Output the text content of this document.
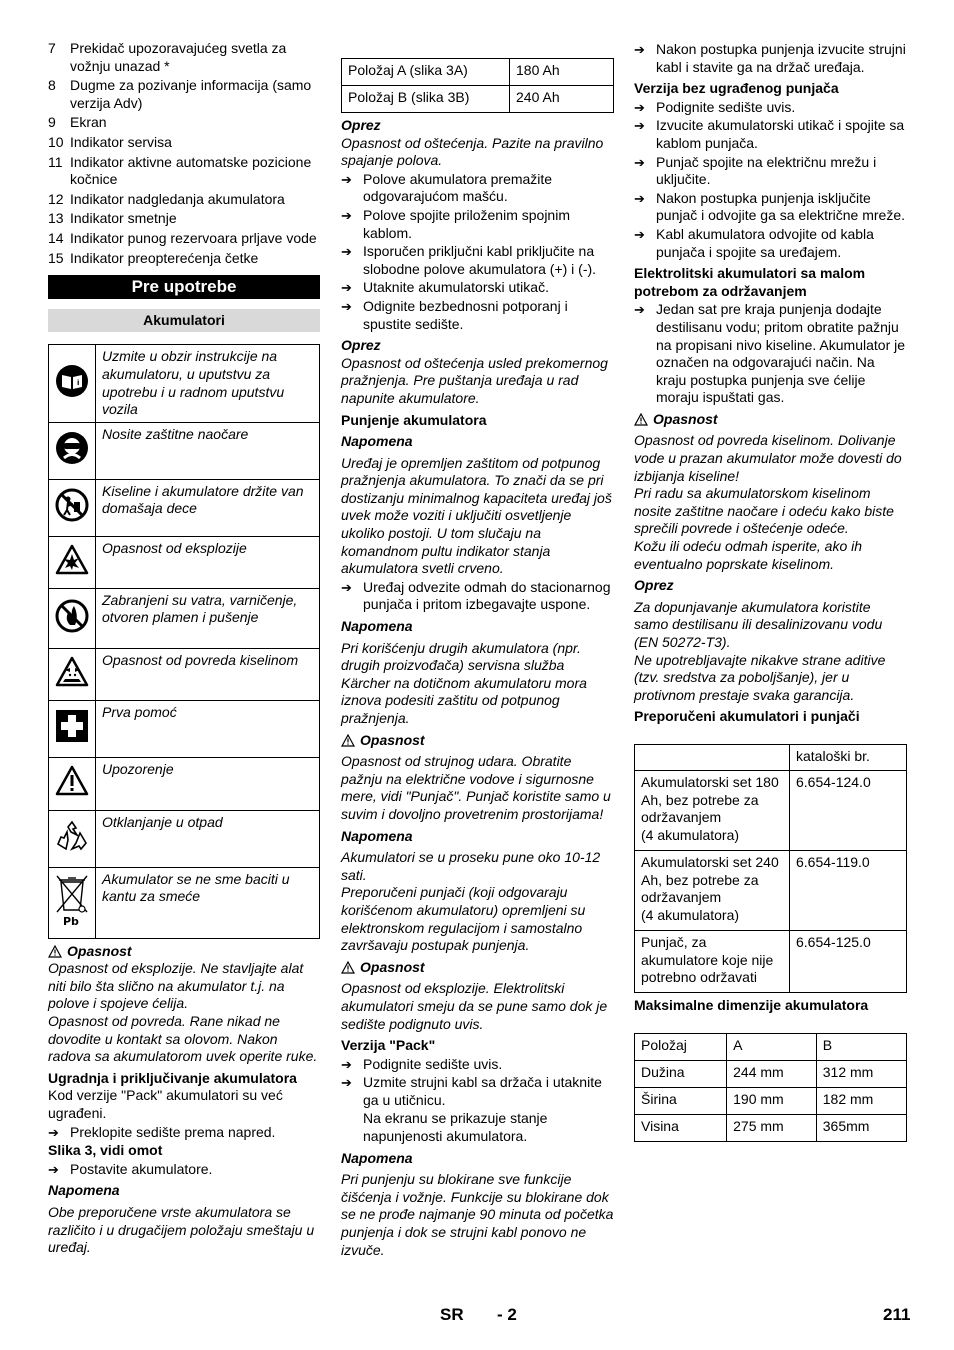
7	Prekidač upozoravajućeg svetla za vožnju unazad *
8	Dugme za pozivanje informacija (samo verzija Adv)
9	Ekran
10 Indikator servisa
11 Indikator aktivne automatske pozicione kočnice
12 Indikator nadgledanja akumulatora
13 Indikator smetnje
14 Indikator punog rezervoara prljave vode
15 Indikator preopterećenja četke
Pre upotrebe
Akumulatori
i	Uzmite u obzir instrukcije na akumulatoru, u uputstvu za upotrebu i u radnom uputstvu vozila
	Nosite zaštitne naočare
	Kiseline i akumulatore držite van domašaja dece
	Opasnost od eksplozije
	Zabranjeni su vatra, varničenje, otvoren plamen i pušenje
	Opasnost od povreda kiselinom
	Prva pomoć
	Upozorenje
	Otklanjanje u otpad

Pb	Akumulator se ne sme baciti u kantu za smeće
Opasnost

Opasnost od eksplozije. Ne stavljajte alat niti bilo šta slično na akumulator t.j. na polove i spojeve ćelija.

Opasnost od povreda. Rane nikad ne dovodite u kontakt sa olovom. Nakon radova sa akumulatorom uvek operite ruke.

Ugradnja i priključivanje akumulatora

Kod verzije "Pack" akumulatori su već ugrađeni.

➔ Preklopite sedište prema napred.

Slika 3, vidi omot

➔ Postavite akumulatore.

Napomena

Obe preporučene vrste akumulatora se različito i u drugačijem položaju smeštaju u uređaj.

Položaj A (slika 3A)	180 Ah
Položaj B (slika 3B)	240 Ah

Oprez

Opasnost od oštećenja. Pazite na pravilno spajanje polova.

➔ Polove akumulatora premažite odgovarajućom mašću.
➔ Polove spojite priloženim spojnim kablom.
➔ Isporučen priključni kabl priključite na slobodne polove akumulatora (+) i (-).
➔ Utaknite akumulatorski utikač.
➔ Odignite bezbednosni potporanj i spustite sedište.

Oprez

Opasnost od oštećenja usled prekomernog pražnjenja. Pre puštanja uređaja u rad napunite akumulatore.

Punjenje akumulatora

Napomena

Uređaj je opremljen zaštitom od potpunog pražnjenja akumulatora. To znači da se pri dostizanju minimalnog kapaciteta uređaj još uvek može voziti i uključiti osvetljenje ukoliko postoji. U tom slučaju na komandnom pultu indikator stanja akumulatora svetli crveno.

➔ Uređaj odvezite odmah do stacionarnog punjača i pritom izbegavajte uspone.

Napomena

Pri korišćenju drugih akumulatora (npr. drugih proizvođača) servisna služba Kärcher na dotičnom akumulatoru mora iznova podesiti zaštitu od potpunog pražnjenja.

Opasnost

Opasnost od strujnog udara. Obratite pažnju na električne vodove i sigurnosne mere, vidi "Punjač". Punjač koristite samo u suvim i dovoljno provetrenim prostorijama!

Napomena

Akumulatori se u proseku pune oko 10-12 sati.

Preporučeni punjači (koji odgovaraju korišćenom akumulatoru) opremljeni su elektronskom regulacijom i samostalno završavaju postupak punjenja.

Opasnost

Opasnost od eksplozije. Elektrolitski akumulatori smeju da se pune samo dok je sedište podignuto uvis.

Verzija "Pack"

➔ Podignite sedište uvis.
➔ Uzmite strujni kabl sa držača i utaknite ga u utičnicu.

Na ekranu se prikazuje stanje napunjenosti akumulatora.

Napomena

Pri punjenju su blokirane sve funkcije čišćenja i vožnje. Funkcije su blokirane dok se ne prođe najmanje 90 minuta od početka punjenja i dok se strujni kabl ponovo ne izvuče.

➔ Nakon postupka punjenja izvucite strujni kabl i stavite ga na držač uređaja.

Verzija bez ugrađenog punjača

➔ Podignite sedište uvis.
➔ Izvucite akumulatorski utikač i spojite sa kablom punjača.
➔ Punjač spojite na električnu mrežu i uključite.
➔ Nakon postupka punjenja isključite punjač i odvojite ga sa električne mreže.
➔ Kabl akumulatora odvojite od kabla punjača i spojite sa uređajem.

Elektrolitski akumulatori sa malom potrebom za održavanjem

➔ Jedan sat pre kraja punjenja dodajte destilisanu vodu; pritom obratite pažnju na propisani nivo kiseline. Akumulator je označen na odgovarajući način. Na kraju postupka punjenja sve ćelije moraju ispuštati gas.
Opasnost

Opasnost od povreda kiselinom. Dolivanje vode u prazan akumulator može dovesti do izbijanja kiseline!

Pri radu sa akumulatorskom kiselinom nosite zaštitne naočare i odeću kako biste sprečili povrede i oštećenje odeće.

Kožu ili odeću odmah isperite, ako ih eventualno poprskate kiselinom.

Oprez

Za dopunjavanje akumulatora koristite samo destilisanu ili desalinizovanu vodu (EN 50272-T3).

Ne upotrebljavajte nikakve strane aditive (tzv. sredstva za poboljšanje), jer u protivnom prestaje svaka garancija.

Preporučeni akumulatori i punjači

	kataloški br.
Akumulatorski set 180 Ah, bez potrebe za održavanjem
(4 akumulatora)	6.654-124.0
Akumulatorski set 240 Ah, bez potrebe za održavanjem
(4 akumulatora)	6.654-119.0
Punjač, za akumulatore koje nije potrebno održavati	6.654-125.0

Maksimalne dimenzije akumulatora

Položaj	A	B
Dužina	244 mm	312 mm
Širina	190 mm	182 mm
Visina	275 mm	365mm
SR - 2	211
